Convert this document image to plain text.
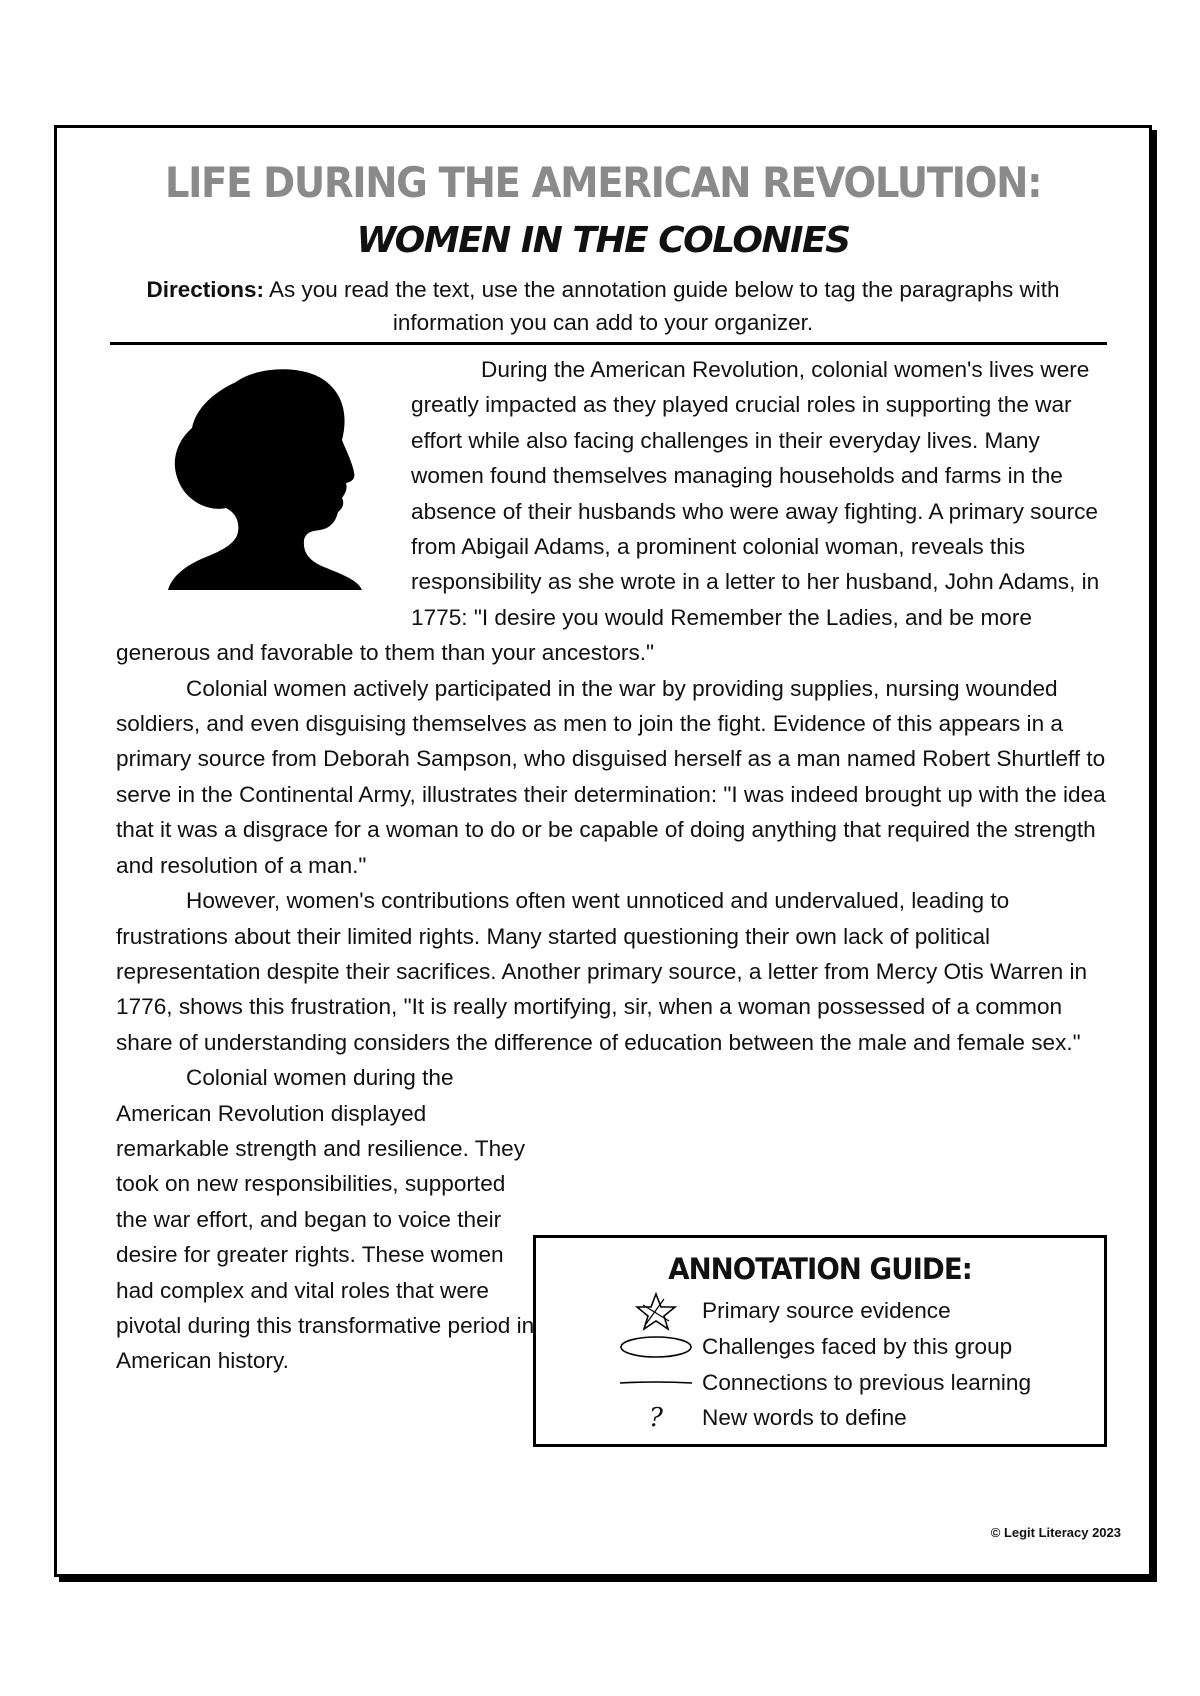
LIFE DURING THE AMERICAN REVOLUTION:
WOMEN IN THE COLONIES
Directions: As you read the text, use the annotation guide below to tag the paragraphs with information you can add to your organizer.

During the American Revolution, colonial women's lives were greatly impacted as they played crucial roles in supporting the war effort while also facing challenges in their everyday lives. Many women found themselves managing households and farms in the absence of their husbands who were away fighting. A primary source from Abigail Adams, a prominent colonial woman, reveals this responsibility as she wrote in a letter to her husband, John Adams, in 1775: "I desire you would Remember the Ladies, and be more generous and favorable to them than your ancestors."

Colonial women actively participated in the war by providing supplies, nursing wounded soldiers, and even disguising themselves as men to join the fight. Evidence of this appears in a primary source from Deborah Sampson, who disguised herself as a man named Robert Shurtleff to serve in the Continental Army, illustrates their determination: "I was indeed brought up with the idea that it was a disgrace for a woman to do or be capable of doing anything that required the strength and resolution of a man."

However, women's contributions often went unnoticed and undervalued, leading to frustrations about their limited rights. Many started questioning their own lack of political representation despite their sacrifices. Another primary source, a letter from Mercy Otis Warren in 1776, shows this frustration, "It is really mortifying, sir, when a woman possessed of a common share of understanding considers the difference of education between the male and female sex."

Colonial women during the American Revolution displayed remarkable strength and resilience. They took on new responsibilities, supported the war effort, and began to voice their desire for greater rights. These women had complex and vital roles that were pivotal during this transformative period in American history.

ANNOTATION GUIDE:
Primary source evidence
Challenges faced by this group
Connections to previous learning
?	New words to define
© Legit Literacy 2023
